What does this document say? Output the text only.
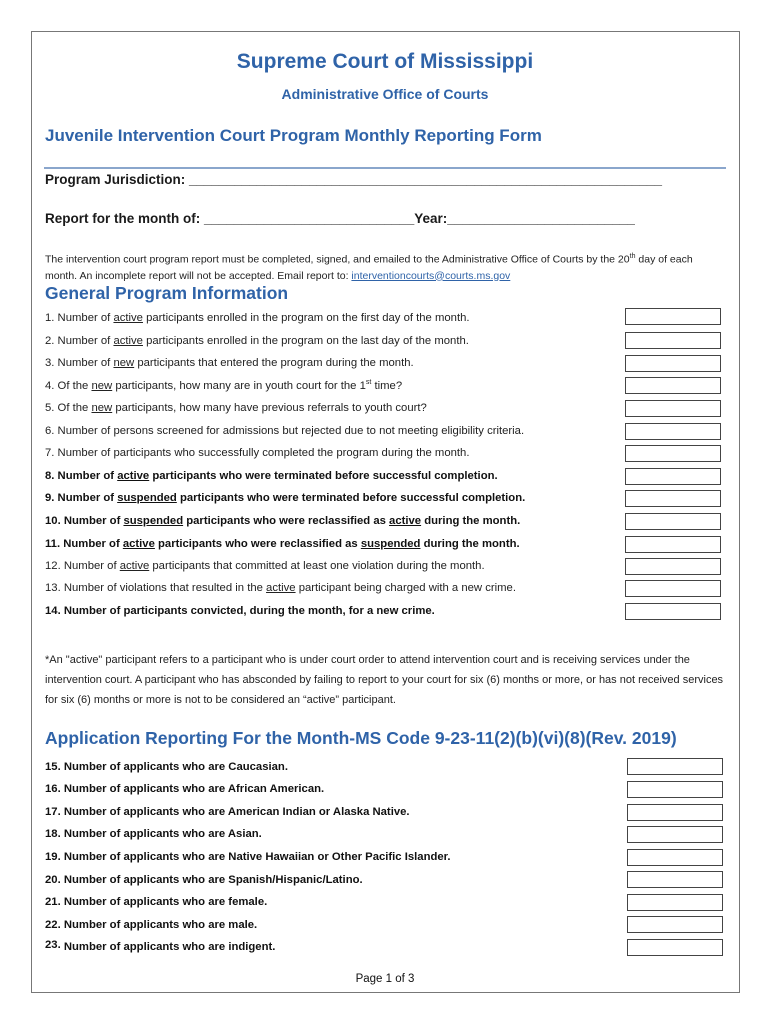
Supreme Court of Mississippi
Administrative Office of Courts
Juvenile Intervention Court Program Monthly Reporting Form
Program Jurisdiction: _______________________________________________________________
Report for the month of: ____________________________Year:_________________________
The intervention court program report must be completed, signed, and emailed to the Administrative Office of Courts by the 20th day of each month. An incomplete report will not be accepted. Email report to: interventioncourts@courts.ms.gov
General Program Information
1. Number of active participants enrolled in the program on the first day of the month.
2. Number of active participants enrolled in the program on the last day of the month.
3. Number of new participants that entered the program during the month.
4. Of the new participants, how many are in youth court for the 1st time?
5. Of the new participants, how many have previous referrals to youth court?
6. Number of persons screened for admissions but rejected due to not meeting eligibility criteria.
7. Number of participants who successfully completed the program during the month.
8. Number of active participants who were terminated before successful completion.
9. Number of suspended participants who were terminated before successful completion.
10. Number of suspended participants who were reclassified as active during the month.
11. Number of active participants who were reclassified as suspended during the month.
12. Number of active participants that committed at least one violation during the month.
13. Number of violations that resulted in the active participant being charged with a new crime.
14. Number of participants convicted, during the month, for a new crime.
*An "active" participant refers to a participant who is under court order to attend intervention court and is receiving services under the intervention court. A participant who has absconded by failing to report to your court for six (6) months or more, or has not received services for six (6) months or more is not to be considered an “active” participant.
Application Reporting For the Month-MS Code 9-23-11(2)(b)(vi)(8)(Rev. 2019)
15. Number of applicants who are Caucasian.
16. Number of applicants who are African American.
17. Number of applicants who are American Indian or Alaska Native.
18. Number of applicants who are Asian.
19. Number of applicants who are Native Hawaiian or Other Pacific Islander.
20. Number of applicants who are Spanish/Hispanic/Latino.
21. Number of applicants who are female.
22. Number of applicants who are male.
23. Number of applicants who are indigent.
Page 1 of 3
